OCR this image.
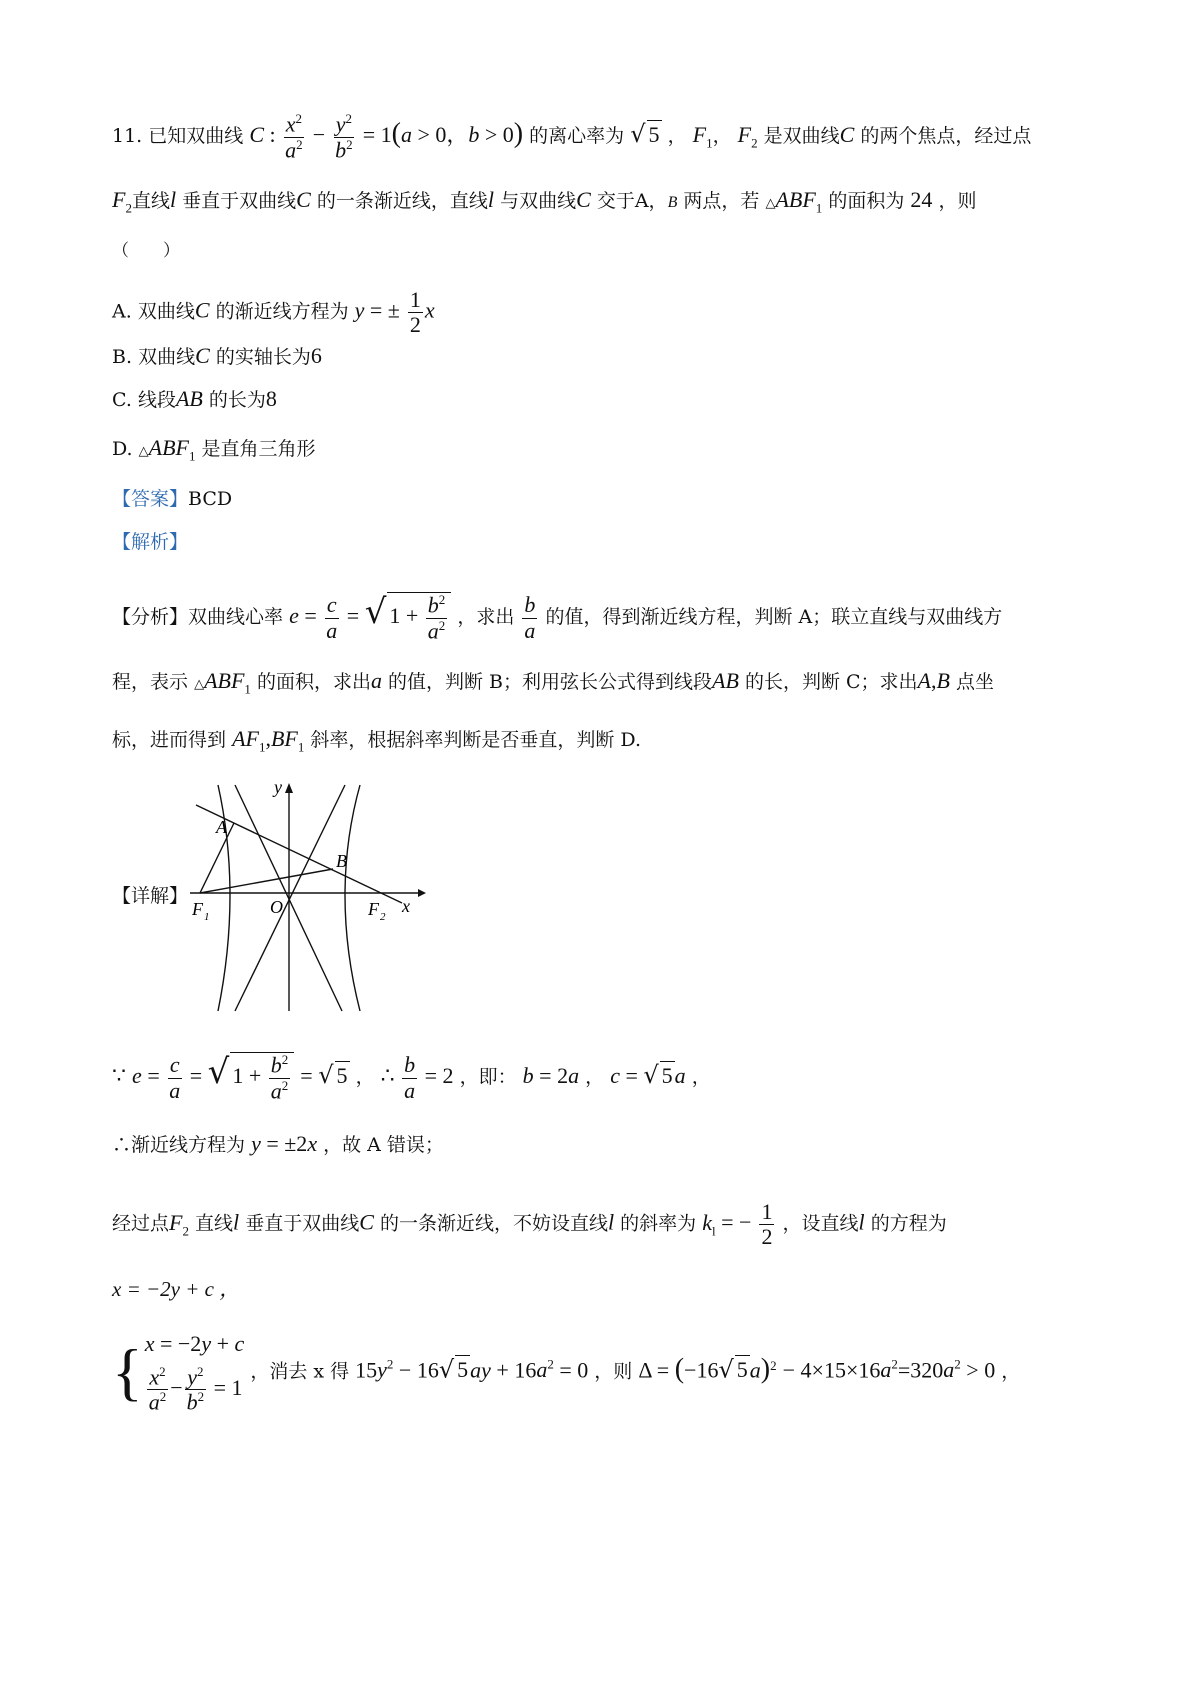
11. 已知双曲线 C : $\frac{x^2}{a^2} - \frac{y^2}{b^2} = 1(a > 0$，b > 0) 的离心率为 √ 5 ， $F_1$， $F_2$ 是双曲线C 的两个焦点，经过点
$F_2$直线l 垂直于双曲线C 的一条渐近线，直线l 与双曲线C 交于A，B 两点，若 $\triangle ABF_1$ 的面积为 24 ，则
（　　）
A. 双曲线C 的渐近线方程为 y = ± $\frac{1}{2}$ x
B. 双曲线C 的实轴长为6
C. 线段AB 的长为8
D. $\triangle ABF_1$ 是直角三角形
【答案】BCD
【解析】
【分析】双曲线心率 $e = \frac{c}{a}$ = √ $1 + \frac{b^2}{a^2}$ ，求出 $\frac{b}{a}$ 的值，得到渐近线方程，判断 A；联立直线与双曲线方
程，表示 $\triangle ABF_1$ 的面积，求出a 的值，判断 B；利用弦长公式得到线段AB 的长，判断 C；求出A,B 点坐
标，进而得到 $AF_1,BF_1$ 斜率，根据斜率判断是否垂直，判断 D.
【详解】
y
x
A
B
O
F 1	F 2
∵ $e = \frac{c}{a}$ = √ $1 + \frac{b^2}{a^2}$ = √ 5 ， ∴ $\frac{b}{a} = 2$ ，即： b = 2a ， c = √ 5a ，
∴渐近线方程为 y = ±2x ，故 A 错误；
经过点$F_2$ 直线l 垂直于双曲线C 的一条渐近线，不妨设直线l 的斜率为 $k_l$ = − $\frac{1}{2}$ ，设直线l 的方程为
x = −2y + c ，
{ x = −2y + c
$\frac{x^2}{a^2} - \frac{y^2}{b^2} = 1$
，消去 x 得 $15y^2 - 16√$ $5ay + 16a^2 = 0$ ，则 Δ = (−16√ $5a)^2 - 4\times 15\times 16a^2=320a^2 > 0$ ，
